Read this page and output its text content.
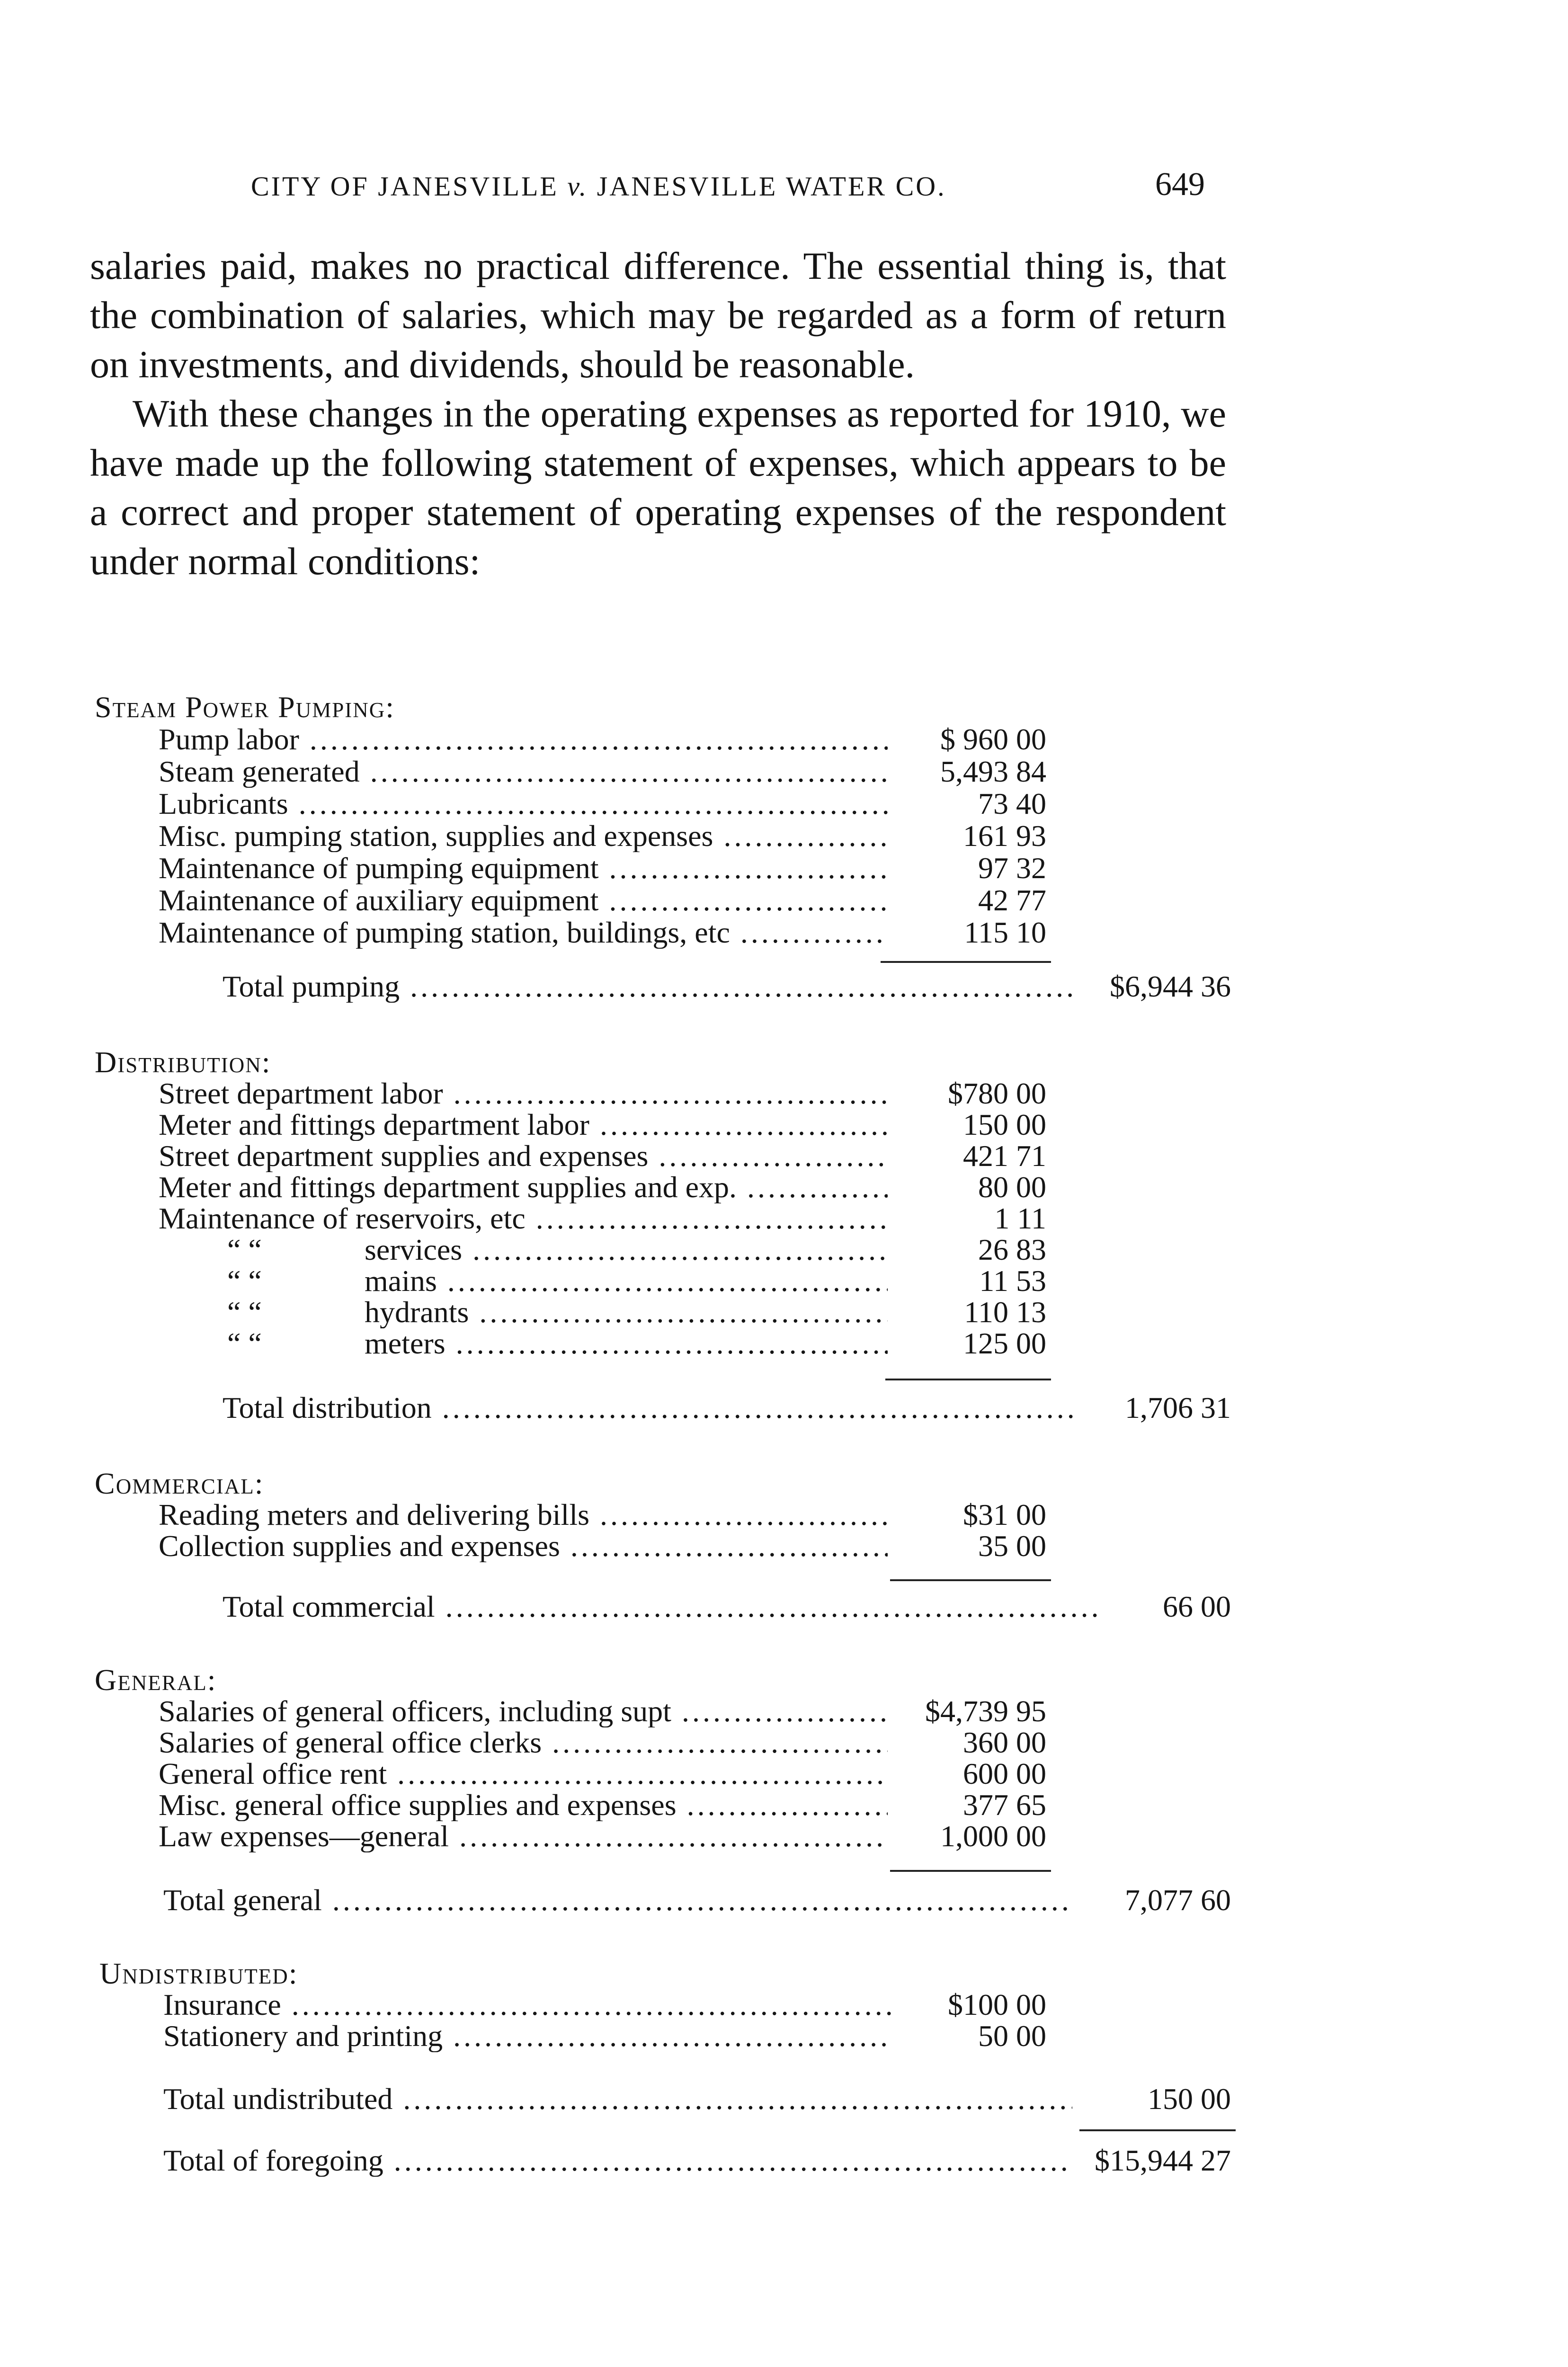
CITY OF JANESVILLE v. JANESVILLE WATER CO.	649

salaries paid, makes no practical difference. The essential thing is, that the combination of salaries, which may be regarded as a form of return on investments, and dividends, should be reasonable.

With these changes in the operating expenses as reported for 1910, we have made up the following statement of expenses, which appears to be a correct and proper statement of operating expenses of the respondent under normal conditions:

Steam Power Pumping:
Pump labor .....	$ 960 00
Steam generated .....	5,493 84
Lubricants .....	73 40
Misc. pumping station, supplies and expenses .....	161 93
Maintenance of pumping equipment .....	97 32
Maintenance of auxiliary equipment .....	42 77
Maintenance of pumping station, buildings, etc .....	115 10
Total pumping .....	$6,944 36
Distribution:
Street department labor .....	$780 00
Meter and fittings department labor .....	150 00
Street department supplies and expenses .....	421 71
Meter and fittings department supplies and exp. .....	80 00
Maintenance of reservoirs, etc .....	1 11
“ “	services .....	26 83
“ “	mains .....	11 53
“ “	hydrants .....	110 13
“ “	meters .....	125 00
Total distribution .....	1,706 31
Commercial:
Reading meters and delivering bills .....	$31 00
Collection supplies and expenses .....	35 00
Total commercial .....	66 00
General:
Salaries of general officers, including supt .....	$4,739 95
Salaries of general office clerks .....	360 00
General office rent .....	600 00
Misc. general office supplies and expenses .....	377 65
Law expenses—general .....	1,000 00
Total general .....	7,077 60
Undistributed:
Insurance .....	$100 00
Stationery and printing .....	50 00
Total undistributed .....	150 00
Total of foregoing .....	$15,944 27
